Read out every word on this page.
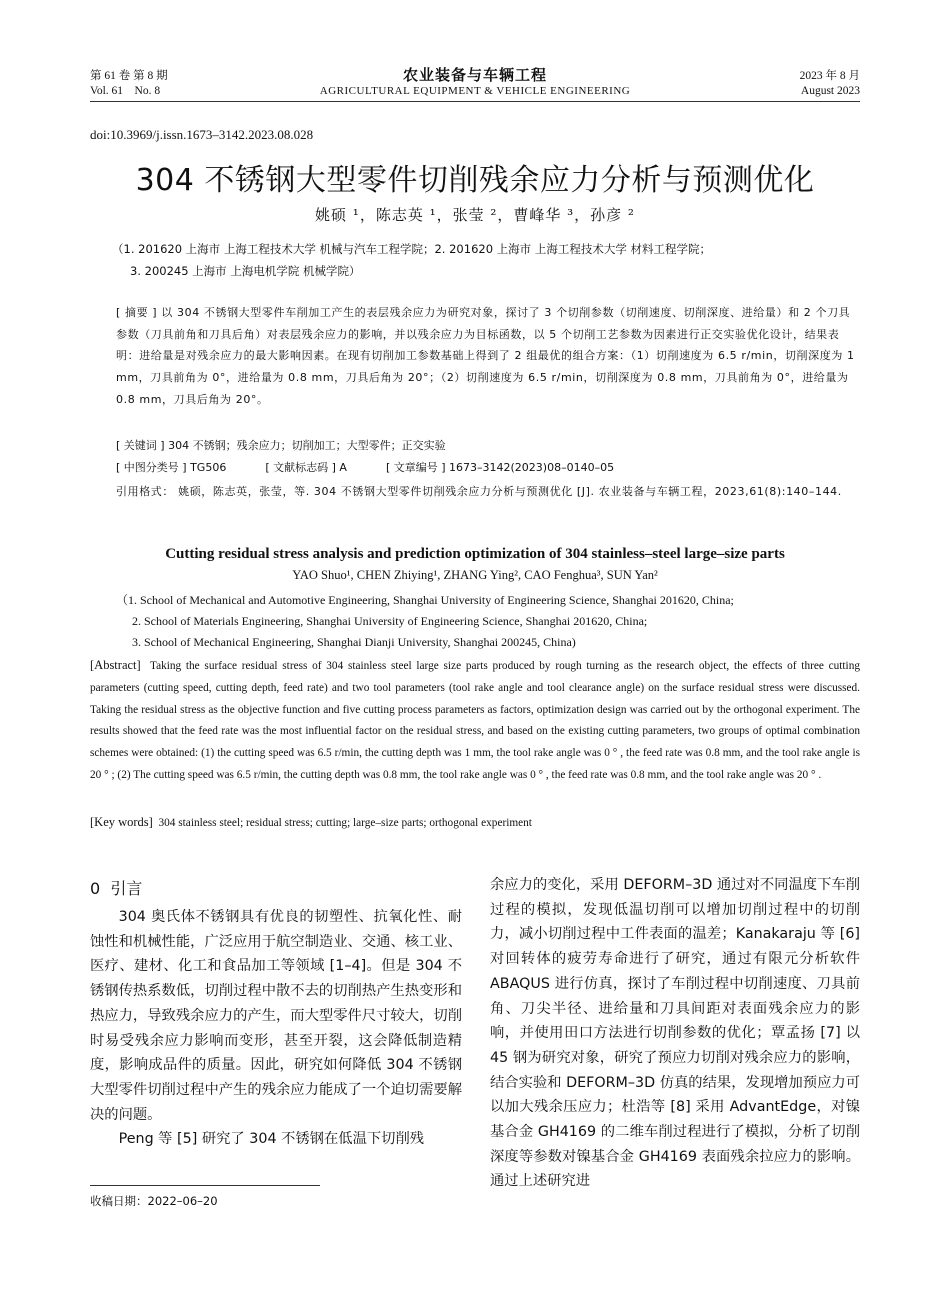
第 61 卷 第 8 期
Vol. 61    No. 8
农业装备与车辆工程
AGRICULTURAL EQUIPMENT & VEHICLE ENGINEERING
2023 年 8 月
August 2023
doi:10.3969/j.issn.1673–3142.2023.08.028
304 不锈钢大型零件切削残余应力分析与预测优化
姚硕 ¹，陈志英 ¹，张莹 ²，曹峰华 ³，孙彦 ²
（1. 201620 上海市 上海工程技术大学 机械与汽车工程学院；2. 201620 上海市 上海工程技术大学 材料工程学院；
3. 200245 上海市 上海电机学院 机械学院）
[ 摘要 ] 以 304 不锈钢大型零件车削加工产生的表层残余应力为研究对象，探讨了 3 个切削参数（切削速度、切削深度、进给量）和 2 个刀具参数（刀具前角和刀具后角）对表层残余应力的影响，并以残余应力为目标函数，以 5 个切削工艺参数为因素进行正交实验优化设计，结果表明：进给量是对残余应力的最大影响因素。在现有切削加工参数基础上得到了 2 组最优的组合方案：（1）切削速度为 6.5 r/min，切削深度为 1 mm，刀具前角为 0°，进给量为 0.8 mm，刀具后角为 20°；（2）切削速度为 6.5 r/min，切削深度为 0.8 mm，刀具前角为 0°，进给量为 0.8 mm，刀具后角为 20°。
[ 关键词 ] 304 不锈钢；残余应力；切削加工；大型零件；正交实验
[ 中图分类号 ] TG506	[ 文献标志码 ] A	[ 文章编号 ] 1673–3142(2023)08–0140–05
引用格式： 姚硕，陈志英，张莹，等. 304 不锈钢大型零件切削残余应力分析与预测优化 [J]. 农业装备与车辆工程，2023,61(8):140–144.
Cutting residual stress analysis and prediction optimization of 304 stainless–steel large–size parts
YAO Shuo¹, CHEN Zhiying¹, ZHANG Ying², CAO Fenghua³, SUN Yan²
（1. School of Mechanical and Automotive Engineering, Shanghai University of Engineering Science, Shanghai 201620, China;
2. School of Materials Engineering, Shanghai University of Engineering Science, Shanghai 201620, China;
3. School of Mechanical Engineering, Shanghai Dianji University, Shanghai 200245, China)
[Abstract] Taking the surface residual stress of 304 stainless steel large size parts produced by rough turning as the research object, the effects of three cutting parameters (cutting speed, cutting depth, feed rate) and two tool parameters (tool rake angle and tool clearance angle) on the surface residual stress were discussed. Taking the residual stress as the objective function and five cutting process parameters as factors, optimization design was carried out by the orthogonal experiment. The results showed that the feed rate was the most influential factor on the residual stress, and based on the existing cutting parameters, two groups of optimal combination schemes were obtained: (1) the cutting speed was 6.5 r/min, the cutting depth was 1 mm, the tool rake angle was 0 ° , the feed rate was 0.8 mm, and the tool rake angle is 20 ° ; (2) The cutting speed was 6.5 r/min, the cutting depth was 0.8 mm, the tool rake angle was 0 ° , the feed rate was 0.8 mm, and the tool rake angle was 20 ° .
[Key words] 304 stainless steel; residual stress; cutting; large–size parts; orthogonal experiment
0  引言

304 奥氏体不锈钢具有优良的韧塑性、抗氧化性、耐蚀性和机械性能，广泛应用于航空制造业、交通、核工业、医疗、建材、化工和食品加工等领域 [1–4]。但是 304 不锈钢传热系数低，切削过程中散不去的切削热产生热变形和热应力，导致残余应力的产生，而大型零件尺寸较大，切削时易受残余应力影响而变形，甚至开裂，这会降低制造精度，影响成品件的质量。因此，研究如何降低 304 不锈钢大型零件切削过程中产生的残余应力能成了一个迫切需要解决的问题。

Peng 等 [5] 研究了 304 不锈钢在低温下切削残

收稿日期：2022–06–20

余应力的变化，采用 DEFORM–3D 通过对不同温度下车削过程的模拟，发现低温切削可以增加切削过程中的切削力，减小切削过程中工件表面的温差；Kanakaraju 等 [6] 对回转体的疲劳寿命进行了研究，通过有限元分析软件 ABAQUS 进行仿真，探讨了车削过程中切削速度、刀具前角、刀尖半径、进给量和刀具间距对表面残余应力的影响，并使用田口方法进行切削参数的优化；覃孟扬 [7] 以 45 钢为研究对象，研究了预应力切削对残余应力的影响，结合实验和 DEFORM–3D 仿真的结果，发现增加预应力可以加大残余压应力；杜浩等 [8] 采用 AdvantEdge，对镍基合金 GH4169 的二维车削过程进行了模拟，分析了切削深度等参数对镍基合金 GH4169 表面残余拉应力的影响。通过上述研究进
